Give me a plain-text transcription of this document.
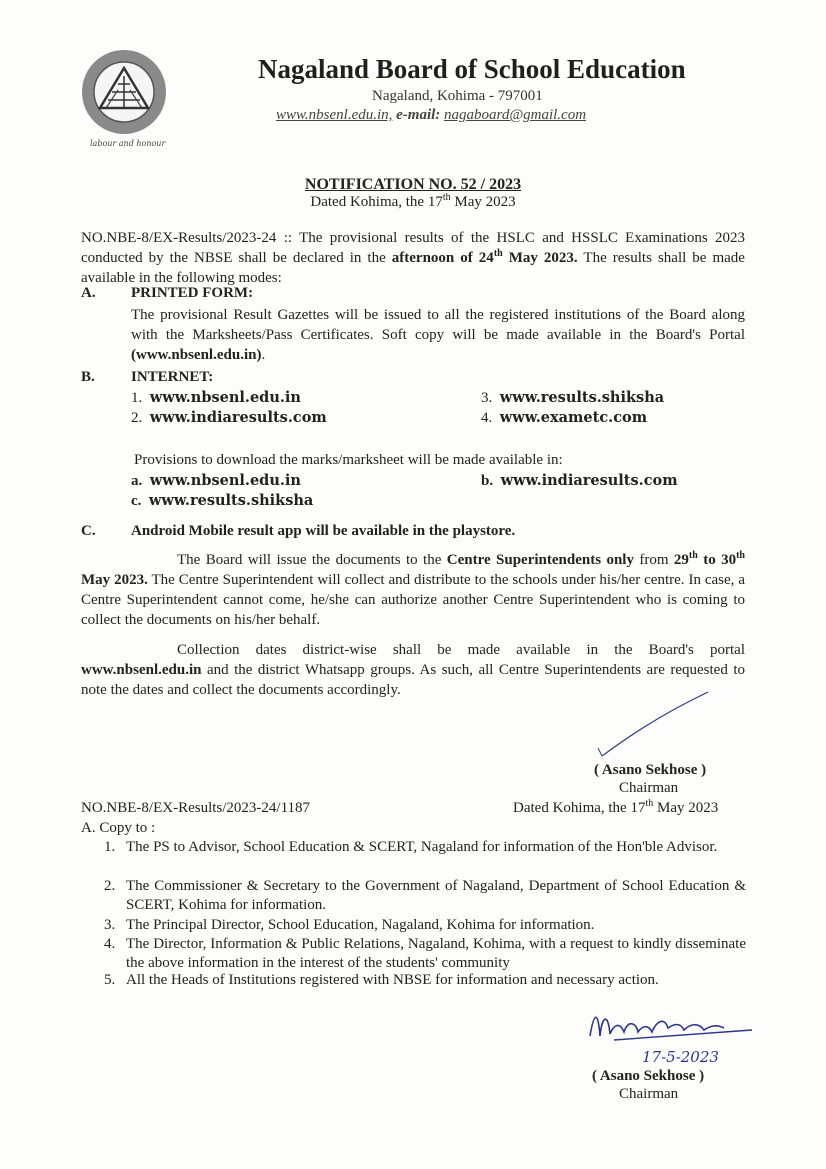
labour and honour
Nagaland Board of School Education
Nagaland, Kohima - 797001
www.nbsenl.edu.in, e-mail: nagaboard@gmail.com
NOTIFICATION NO. 52 / 2023
Dated Kohima, the 17th May 2023
NO.NBE-8/EX-Results/2023-24 :: The provisional results of the HSLC and HSSLC Examinations 2023 conducted by the NBSE shall be declared in the afternoon of 24th May 2023. The results shall be made available in the following modes:
A. PRINTED FORM:
The provisional Result Gazettes will be issued to all the registered institutions of the Board along with the Marksheets/Pass Certificates. Soft copy will be made available in the Board's Portal (www.nbsenl.edu.in).
B. INTERNET:
1. www.nbsenl.edu.in
2. www.indiaresults.com
3. www.results.shiksha
4. www.exametc.com
Provisions to download the marks/marksheet will be made available in:
a. www.nbsenl.edu.in	b. www.indiaresults.com
c. www.results.shiksha
C. Android Mobile result app will be available in the playstore.
The Board will issue the documents to the Centre Superintendents only from 29th to 30th May 2023. The Centre Superintendent will collect and distribute to the schools under his/her centre. In case, a Centre Superintendent cannot come, he/she can authorize another Centre Superintendent who is coming to collect the documents on his/her behalf.
Collection dates district-wise shall be made available in the Board's portal www.nbsenl.edu.in and the district Whatsapp groups. As such, all Centre Superintendents are requested to note the dates and collect the documents accordingly.
( Asano Sekhose )
Chairman
NO.NBE-8/EX-Results/2023-24/1187	Dated Kohima, the 17th May 2023
A. Copy to :
1. The PS to Advisor, School Education & SCERT, Nagaland for information of the Hon'ble Advisor.
2. The Commissioner & Secretary to the Government of Nagaland, Department of School Education & SCERT, Kohima for information.
3. The Principal Director, School Education, Nagaland, Kohima for information.
4. The Director, Information & Public Relations, Nagaland, Kohima, with a request to kindly disseminate the above information in the interest of the students' community
5. All the Heads of Institutions registered with NBSE for information and necessary action.
17-5-2023
( Asano Sekhose )
Chairman
